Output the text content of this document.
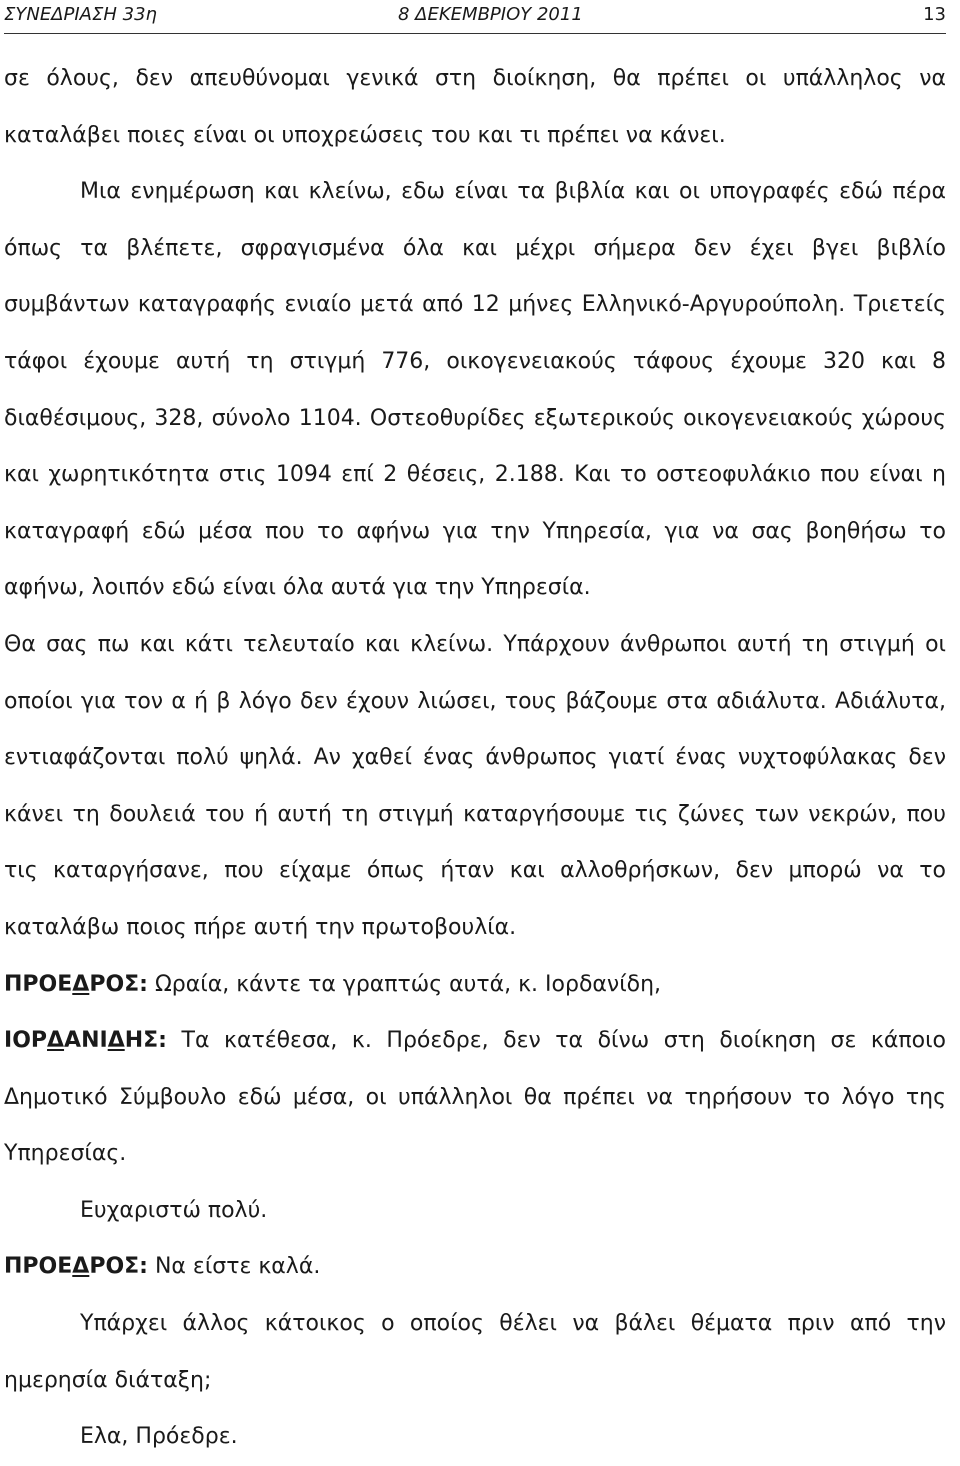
ΣΥΝΕΔΡΙΑΣΗ 33η	8 ΔΕΚΕΜΒΡΙΟΥ 2011	13

σε όλους, δεν απευθύνομαι γενικά στη διοίκηση, θα πρέπει οι υπάλληλος να καταλάβει ποιες είναι οι υποχρεώσεις του και τι πρέπει να κάνει.

Μια ενημέρωση και κλείνω, εδω είναι τα βιβλία και οι υπογραφές εδώ πέρα όπως τα βλέπετε, σφραγισμένα όλα και μέχρι σήμερα δεν έχει βγει βιβλίο συμβάντων καταγραφής ενιαίο μετά από 12 μήνες Ελληνικό-Αργυρούπολη. Τριετείς τάφοι έχουμε αυτή τη στιγμή 776, οικογενειακούς τάφους έχουμε 320 και 8 διαθέσιμους, 328, σύνολο 1104. Οστεοθυρίδες εξωτερικούς οικογενειακούς χώρους και χωρητικότητα στις 1094 επί 2 θέσεις, 2.188. Και το οστεοφυλάκιο που είναι η καταγραφή εδώ μέσα που το αφήνω για την Υπηρεσία, για να σας βοηθήσω το αφήνω, λοιπόν εδώ είναι όλα αυτά για την Υπηρεσία.

Θα σας πω και κάτι τελευταίο και κλείνω. Υπάρχουν άνθρωποι αυτή τη στιγμή οι οποίοι για τον α ή β λόγο δεν έχουν λιώσει, τους βάζουμε στα αδιάλυτα. Αδιάλυτα, εντιαφάζονται πολύ ψηλά. Αν χαθεί ένας άνθρωπος γιατί ένας νυχτοφύλακας δεν κάνει τη δουλειά του ή αυτή τη στιγμή καταργήσουμε τις ζώνες των νεκρών, που τις καταργήσανε, που είχαμε όπως ήταν και αλλοθρήσκων, δεν μπορώ να το καταλάβω ποιος πήρε αυτή την πρωτοβουλία.

ΠΡΟΕΔΡΟΣ: Ωραία, κάντε τα γραπτώς αυτά, κ. Ιορδανίδη,

ΙΟΡΔΑΝΙΔΗΣ: Τα κατέθεσα, κ. Πρόεδρε, δεν τα δίνω στη διοίκηση σε κάποιο Δημοτικό Σύμβουλο εδώ μέσα, οι υπάλληλοι θα πρέπει να τηρήσουν το λόγο της Υπηρεσίας.

Ευχαριστώ πολύ.

ΠΡΟΕΔΡΟΣ: Να είστε καλά.

Υπάρχει άλλος κάτοικος ο οποίος θέλει να βάλει θέματα πριν από την ημερησία διάταξη;

Ελα, Πρόεδρε.
